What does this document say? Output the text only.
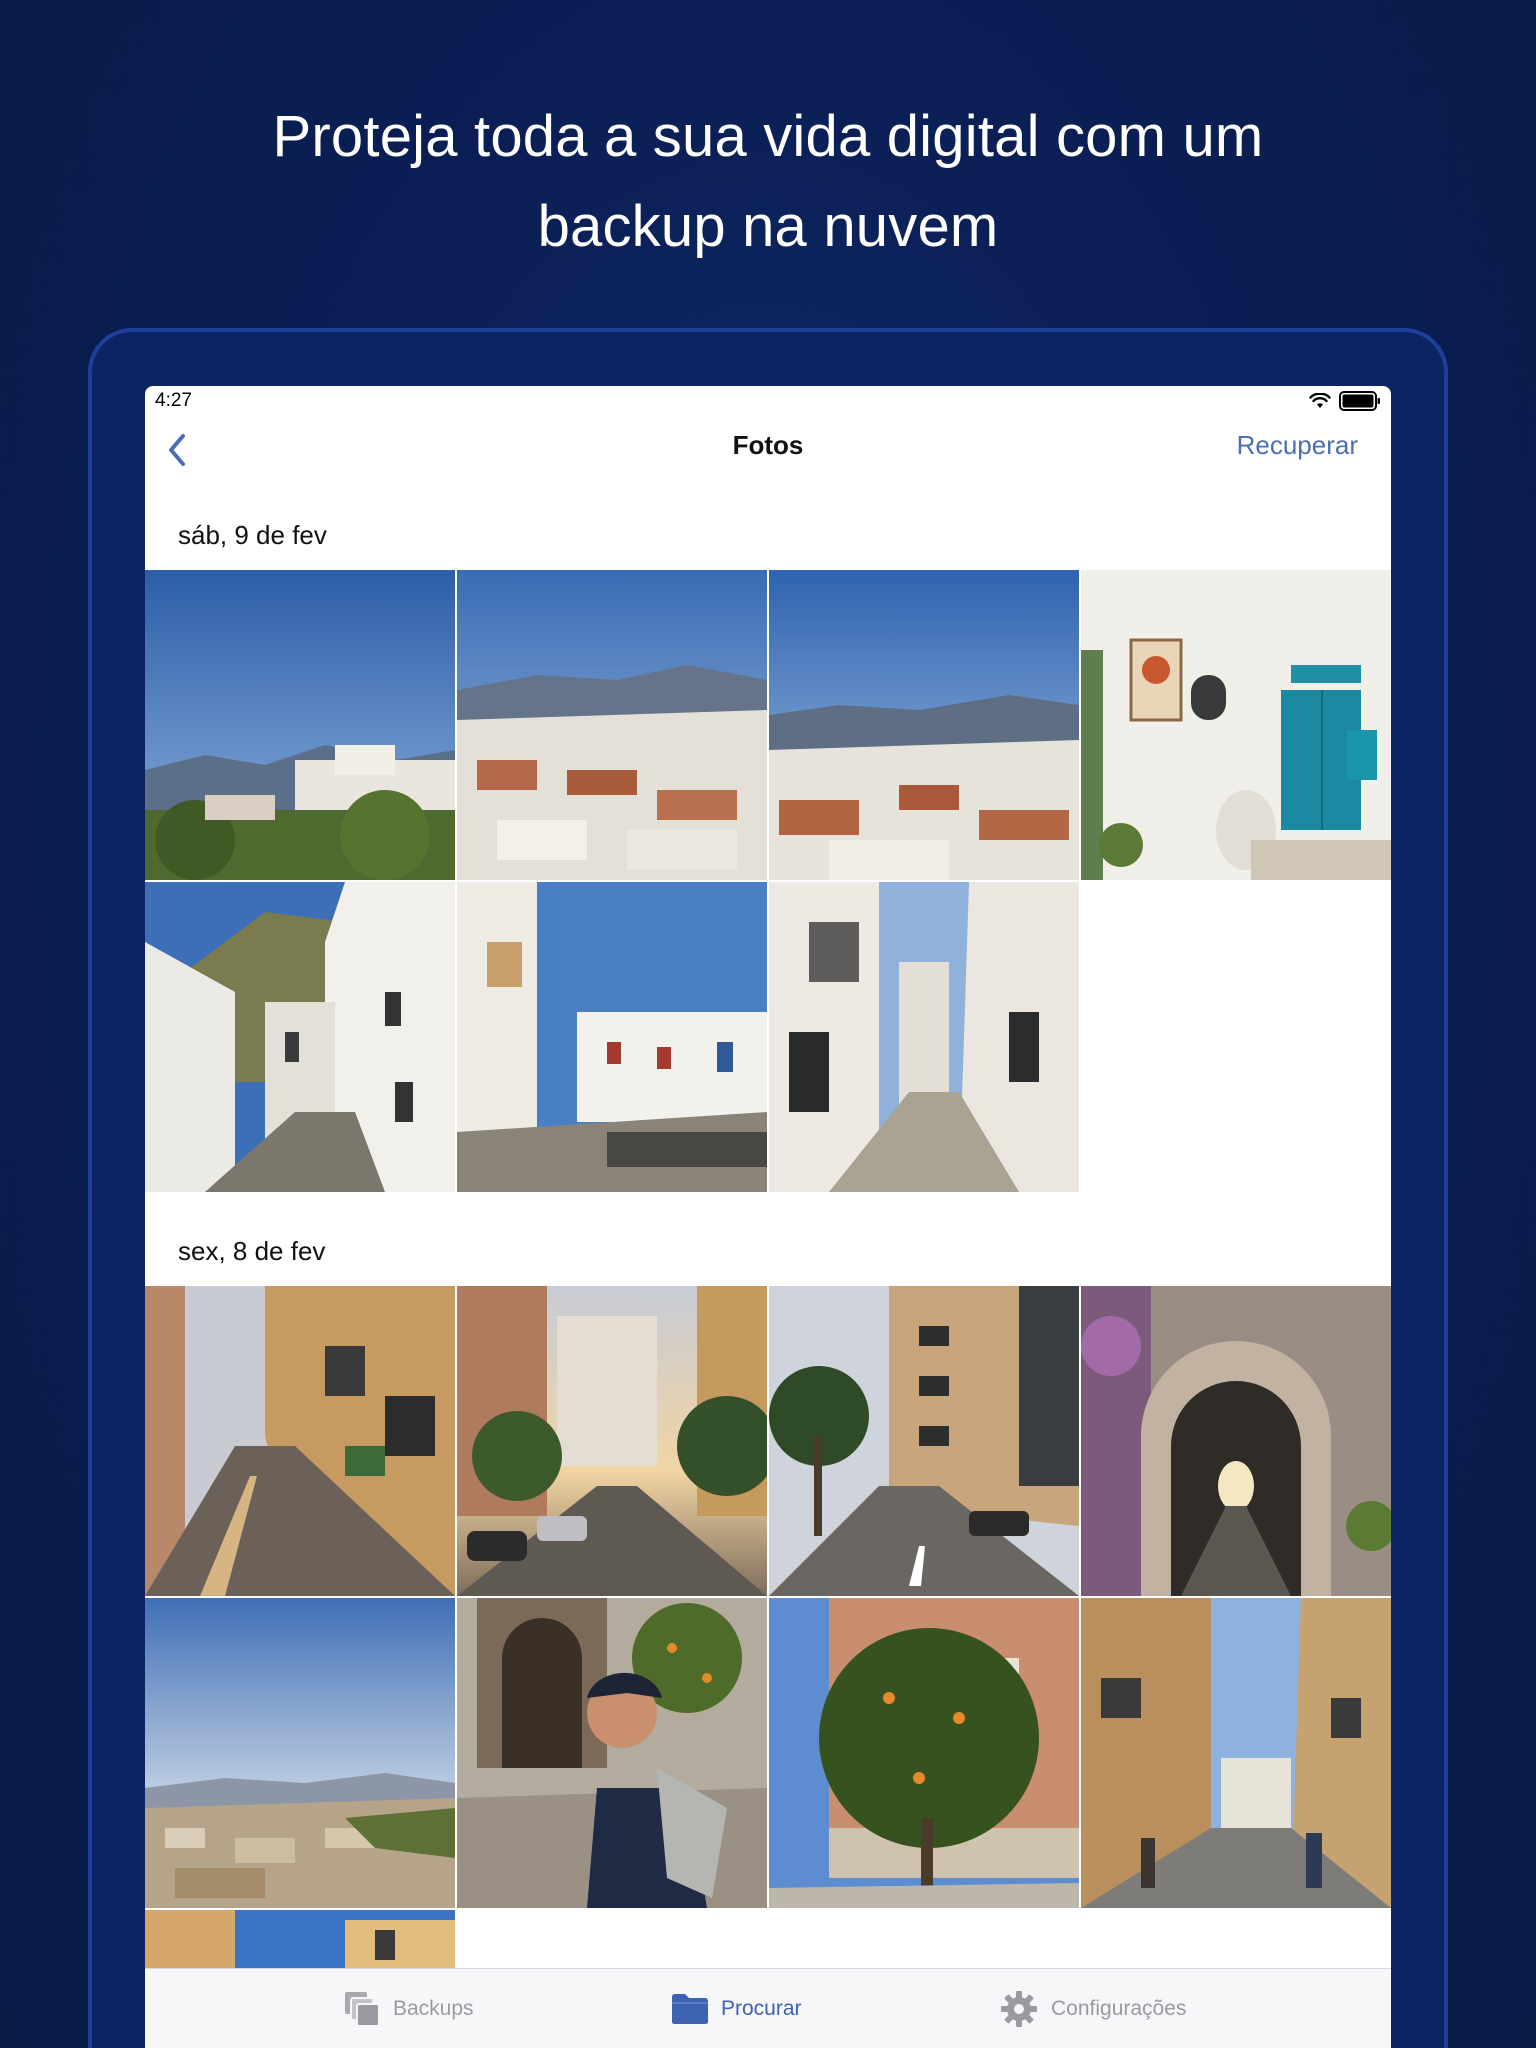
Proteja toda a sua vida digital com um
backup na nuvem
4:27
Fotos	Recuperar
sáb, 9 de fev
sex, 8 de fev
Backups	Procurar	Configurações
